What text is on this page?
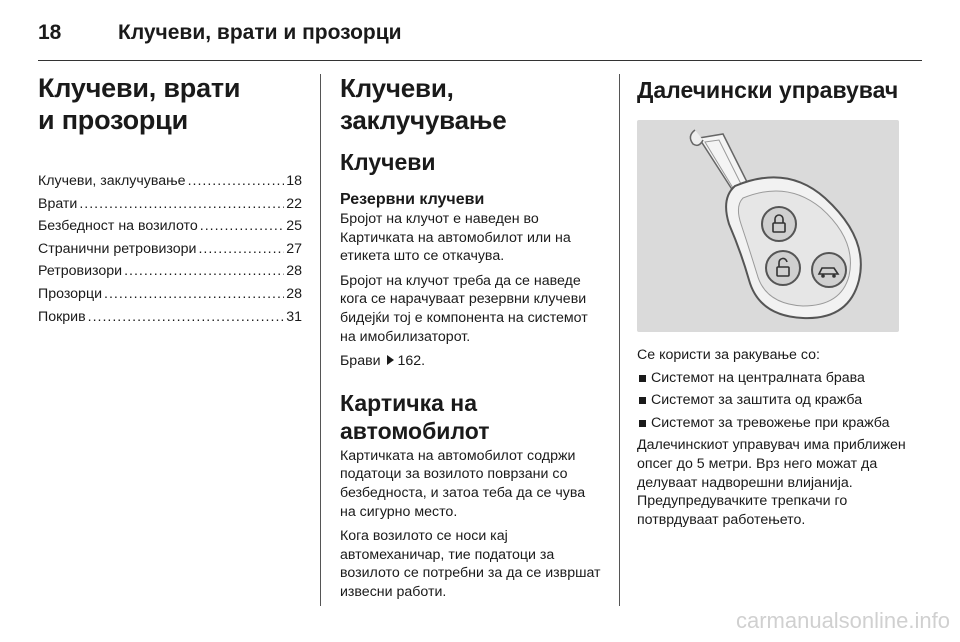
18	Клучеви, врати и прозорци
Клучеви, врати
и прозорци
Клучеви, заклучување .....	18
Врати .....	22
Безбедност на возилото .....	25
Странични ретровизори .....	27
Ретровизори .....	28
Прозорци .....	28
Покрив .....	31
Клучеви, заклучување
Клучеви
Резервни клучеви

Бројот на клучот е наведен во Картичката на автомобилот или на етикета што се откачува.

Бројот на клучот треба да се наведе кога се нарачуваат резервни клучеви бидејќи тој е компонента на системот на имобилизаторот.

Брави 162.

Картичка на
автомобилот

Картичката на автомобилот содржи податоци за возилото поврзани со безбедноста, и затоа теба да се чува на сигурно место.

Кога возилото се носи кај автомеханичар, тие податоци за возилото се потребни за да се извршат извесни работи.

Далечински управувач

Се користи за ракување со:

Системот на централната брава
Системот за заштита од кражба
Системот за тревожење при кражба

Далечинскиот управувач има приближен опсег до 5 метри. Врз него можат да делуваат надворешни влијанија. Предупредувачките трепкачи го потврдуваат работењето.

carmanualsonline.info
